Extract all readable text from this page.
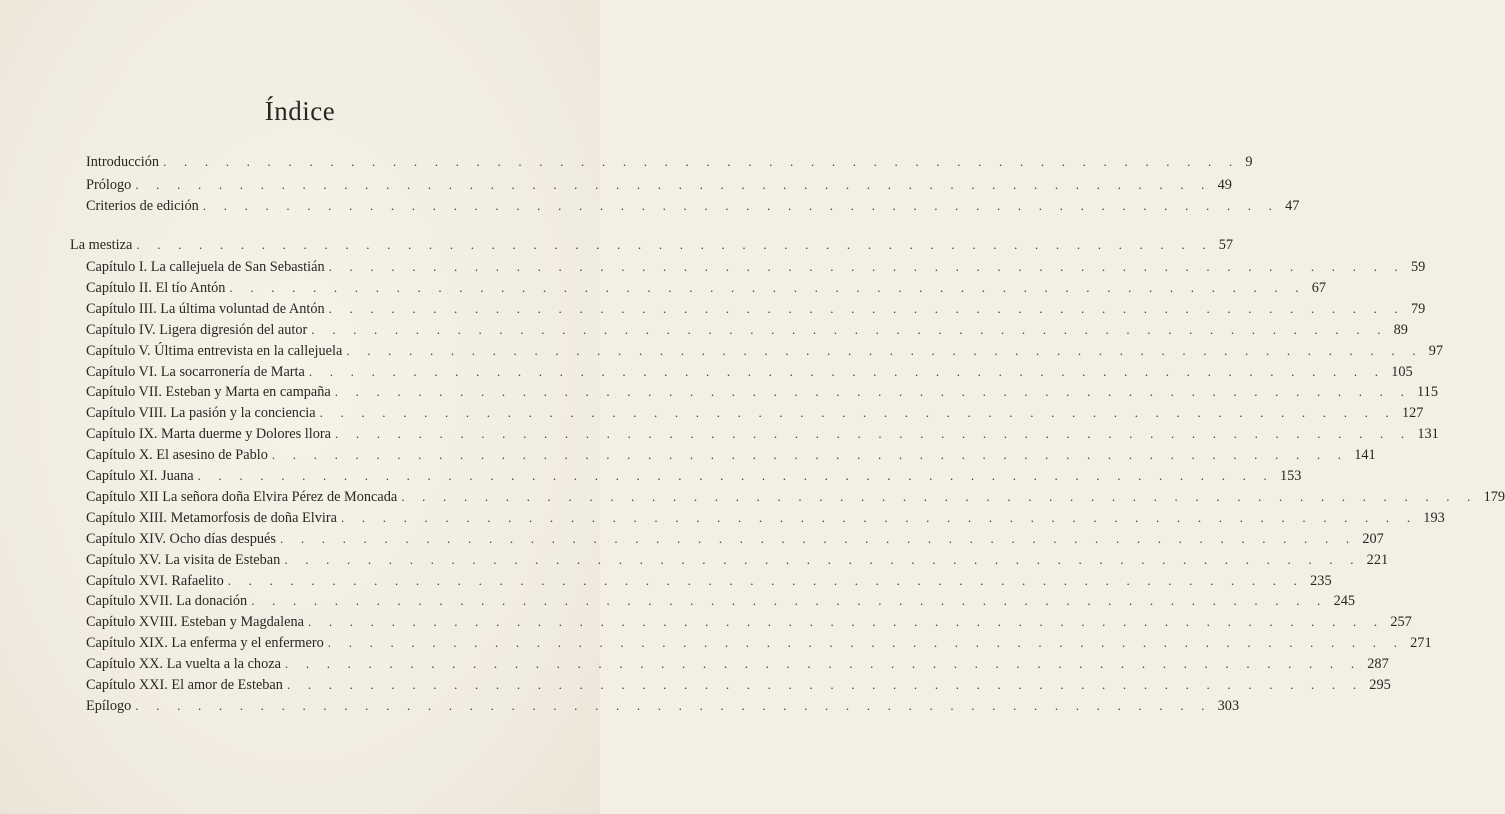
Índice
Introducción . . . . . . . . . . . . . . . . . . . . . . . . . . . . . . . . . . . . . . . . . . . . . . . . . . . . 9
Prólogo . . . . . . . . . . . . . . . . . . . . . . . . . . . . . . . . . . . . . . . . . . . . . . . . . . . . 49
Criterios de edición . . . . . . . . . . . . . . . . . . . . . . . . . . . . . . . . . . . . . . . . . . . . . . . . . . . . 47
La mestiza . . . . . . . . . . . . . . . . . . . . . . . . . . . . . . . . . . . . . . . . . . . . . . . . . . . . 57
Capítulo I. La callejuela de San Sebastián . . . . . . . . . . . . . . . . . . . . . . . . . . . . . . . . . . . . . . . . . . . . . . . . . . . . 59
Capítulo II. El tío Antón . . . . . . . . . . . . . . . . . . . . . . . . . . . . . . . . . . . . . . . . . . . . . . . . . . . . 67
Capítulo III. La última voluntad de Antón . . . . . . . . . . . . . . . . . . . . . . . . . . . . . . . . . . . . . . . . . . . . . . . . . . . . 79
Capítulo IV. Ligera digresión del autor . . . . . . . . . . . . . . . . . . . . . . . . . . . . . . . . . . . . . . . . . . . . . . . . . . . . 89
Capítulo V. Última entrevista en la callejuela . . . . . . . . . . . . . . . . . . . . . . . . . . . . . . . . . . . . . . . . . . . . . . . . . . . . 97
Capítulo VI. La socarronería de Marta . . . . . . . . . . . . . . . . . . . . . . . . . . . . . . . . . . . . . . . . . . . . . . . . . . . . 105
Capítulo VII. Esteban y Marta en campaña . . . . . . . . . . . . . . . . . . . . . . . . . . . . . . . . . . . . . . . . . . . . . . . . . . . . 115
Capítulo VIII. La pasión y la conciencia . . . . . . . . . . . . . . . . . . . . . . . . . . . . . . . . . . . . . . . . . . . . . . . . . . . . 127
Capítulo IX. Marta duerme y Dolores llora . . . . . . . . . . . . . . . . . . . . . . . . . . . . . . . . . . . . . . . . . . . . . . . . . . . . 131
Capítulo X. El asesino de Pablo . . . . . . . . . . . . . . . . . . . . . . . . . . . . . . . . . . . . . . . . . . . . . . . . . . . . 141
Capítulo XI. Juana . . . . . . . . . . . . . . . . . . . . . . . . . . . . . . . . . . . . . . . . . . . . . . . . . . . . 153
Capítulo XII La señora doña Elvira Pérez de Moncada . . . . . . . . . . . . . . . . . . . . . . . . . . . . . . . . . . . . . . . . . . . . . . . . . . . . 179
Capítulo XIII. Metamorfosis de doña Elvira . . . . . . . . . . . . . . . . . . . . . . . . . . . . . . . . . . . . . . . . . . . . . . . . . . . . 193
Capítulo XIV. Ocho días después . . . . . . . . . . . . . . . . . . . . . . . . . . . . . . . . . . . . . . . . . . . . . . . . . . . . 207
Capítulo XV. La visita de Esteban . . . . . . . . . . . . . . . . . . . . . . . . . . . . . . . . . . . . . . . . . . . . . . . . . . . . 221
Capítulo XVI. Rafaelito . . . . . . . . . . . . . . . . . . . . . . . . . . . . . . . . . . . . . . . . . . . . . . . . . . . . 235
Capítulo XVII. La donación . . . . . . . . . . . . . . . . . . . . . . . . . . . . . . . . . . . . . . . . . . . . . . . . . . . . 245
Capítulo XVIII. Esteban y Magdalena . . . . . . . . . . . . . . . . . . . . . . . . . . . . . . . . . . . . . . . . . . . . . . . . . . . . 257
Capítulo XIX. La enferma y el enfermero . . . . . . . . . . . . . . . . . . . . . . . . . . . . . . . . . . . . . . . . . . . . . . . . . . . . 271
Capítulo XX. La vuelta a la choza . . . . . . . . . . . . . . . . . . . . . . . . . . . . . . . . . . . . . . . . . . . . . . . . . . . . 287
Capítulo XXI. El amor de Esteban . . . . . . . . . . . . . . . . . . . . . . . . . . . . . . . . . . . . . . . . . . . . . . . . . . . . 295
Epílogo . . . . . . . . . . . . . . . . . . . . . . . . . . . . . . . . . . . . . . . . . . . . . . . . . . . . 303
